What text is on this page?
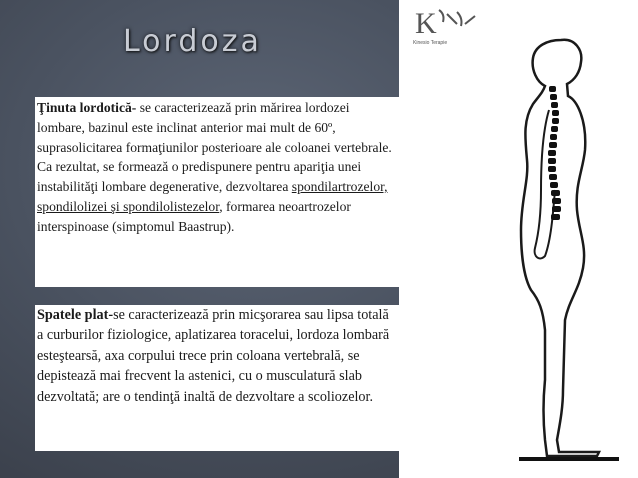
Lordoza

Ţinuta lordotică- se caracterizează prin mărirea lordozei lombare, bazinul este inclinat anterior mai mult de 60º, suprasolicitarea formaţiunilor posterioare ale coloanei vertebrale. Ca rezultat, se formează o predispunere pentru apariţia unei instabilităţi lombare degenerative, dezvoltarea spondilartrozelor, spondilolizei şi spondilolistezelor, formarea neoartrozelor interspinoase (simptomul Baastrup).

Spatele plat-se caracterizează prin micşorarea sau lipsa totală a curburilor fiziologice, aplatizarea toracelui, lordoza lombară esteştearsă, axa corpului trece prin coloana vertebrală, se depistează mai frecvent la astenici, cu o musculatură slab dezvoltată; are o tendinţă inaltă de dezvoltare a scoliozelor.

K
Kinesio Terapie
